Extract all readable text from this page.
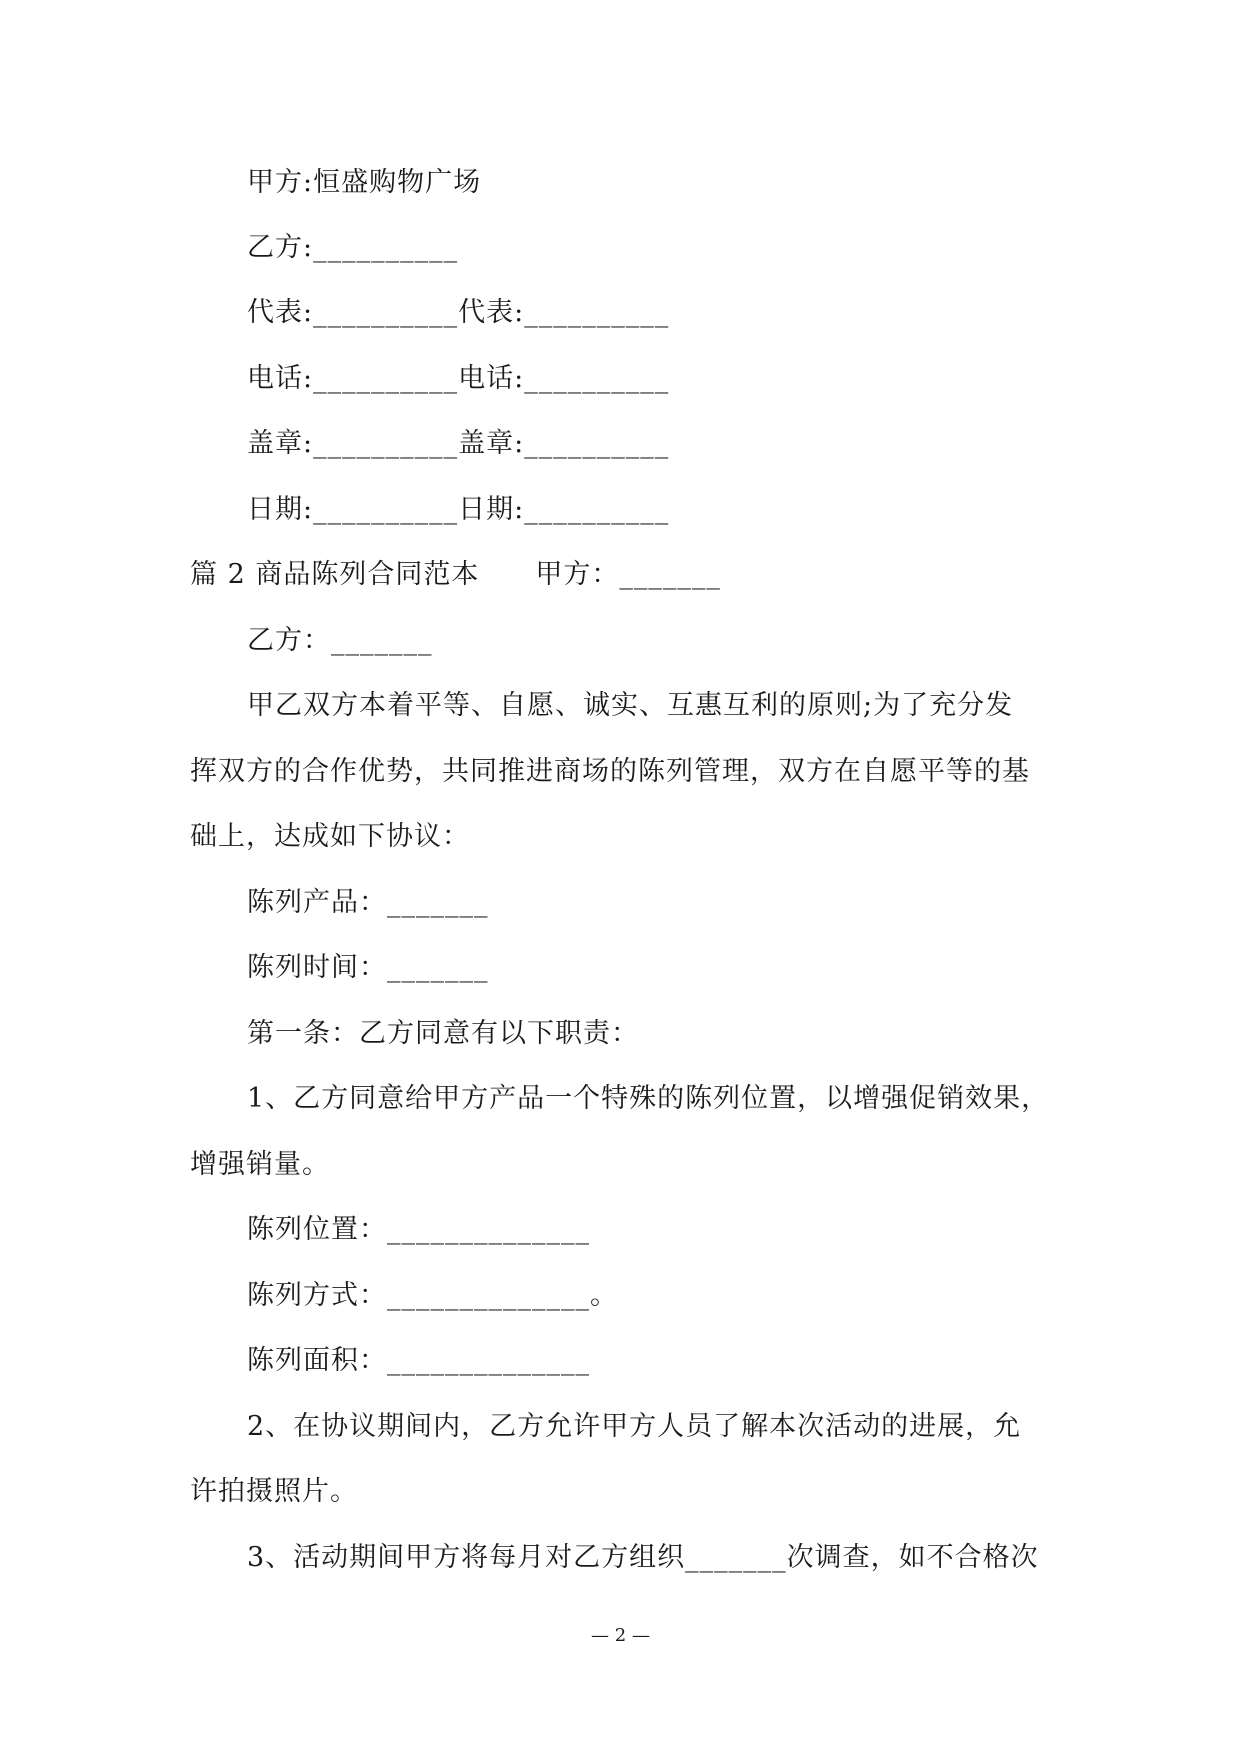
甲方:恒盛购物广场
乙方:__________
代表:__________代表:__________
电话:__________电话:__________
盖章:__________盖章:__________
日期:__________日期:__________
篇 2 商品陈列合同范本 甲方：_______
乙方：_______
甲乙双方本着平等、自愿、诚实、互惠互利的原则;为了充分发
挥双方的合作优势，共同推进商场的陈列管理，双方在自愿平等的基
础上，达成如下协议：
陈列产品：_______
陈列时间：_______
第一条：乙方同意有以下职责：
1、乙方同意给甲方产品一个特殊的陈列位置，以增强促销效果，
增强销量。
陈列位置：______________
陈列方式：______________。
陈列面积：______________
2、在协议期间内，乙方允许甲方人员了解本次活动的进展，允
许拍摄照片。
3、活动期间甲方将每月对乙方组织_______次调查，如不合格次
— 2 —
